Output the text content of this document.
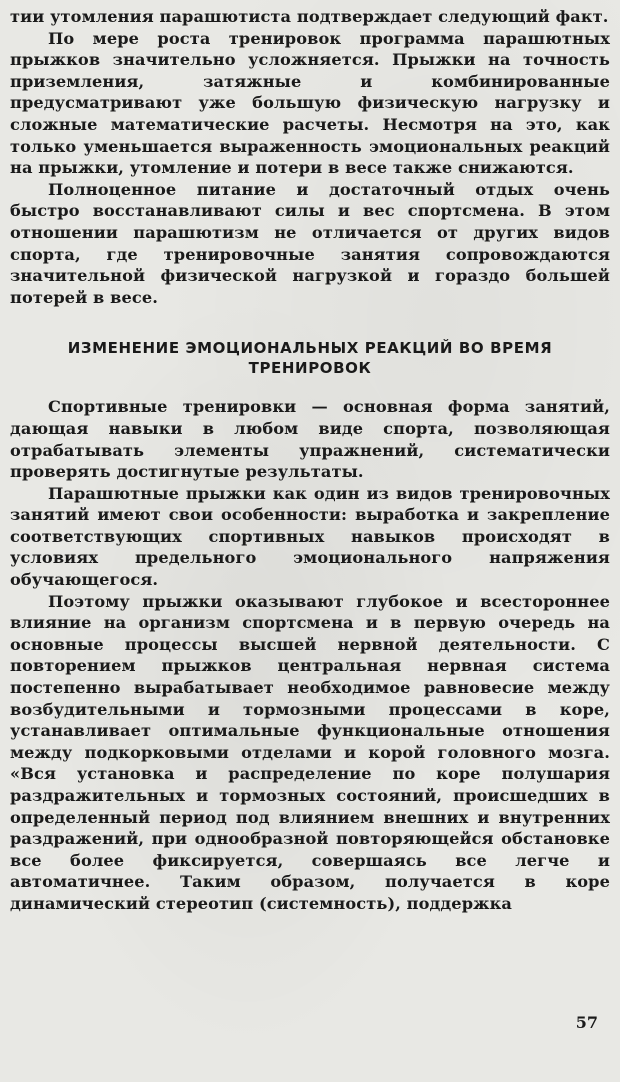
тии утомления парашютиста подтверждает следующий факт.

По мере роста тренировок программа парашютных прыжков значительно усложняется. Прыжки на точность приземления, затяжные и комбинированные предусматривают уже большую физическую нагрузку и сложные математические расчеты. Несмотря на это, как только уменьшается выраженность эмоциональных реакций на прыжки, утомление и потери в весе также снижаются.

Полноценное питание и достаточный отдых очень быстро восстанавливают силы и вес спортсмена. В этом отношении парашютизм не отличается от других видов спорта, где тренировочные занятия сопровождаются значительной физической нагрузкой и гораздо большей потерей в весе.

ИЗМЕНЕНИЕ ЭМОЦИОНАЛЬНЫХ РЕАКЦИЙ ВО ВРЕМЯ ТРЕНИРОВОК

Спортивные тренировки — основная форма занятий, дающая навыки в любом виде спорта, позволяющая отрабатывать элементы упражнений, систематически проверять достигнутые результаты.

Парашютные прыжки как один из видов тренировочных занятий имеют свои особенности: выработка и закрепление соответствующих спортивных навыков происходят в условиях предельного эмоционального напряжения обучающегося.

Поэтому прыжки оказывают глубокое и всестороннее влияние на организм спортсмена и в первую очередь на основные процессы высшей нервной деятельности. С повторением прыжков центральная нервная система постепенно вырабатывает необходимое равновесие между возбудительными и тормозными процессами в коре, устанавливает оптимальные функциональные отношения между подкорковыми отделами и корой головного мозга. «Вся установка и распределение по коре полушария раздражительных и тормозных состояний, происшедших в определенный период под влиянием внешних и внутренних раздражений, при однообразной повторяющейся обстановке все более фиксируется, совершаясь все легче и автоматичнее. Таким образом, получается в коре динамический стереотип (системность), поддержка

57
